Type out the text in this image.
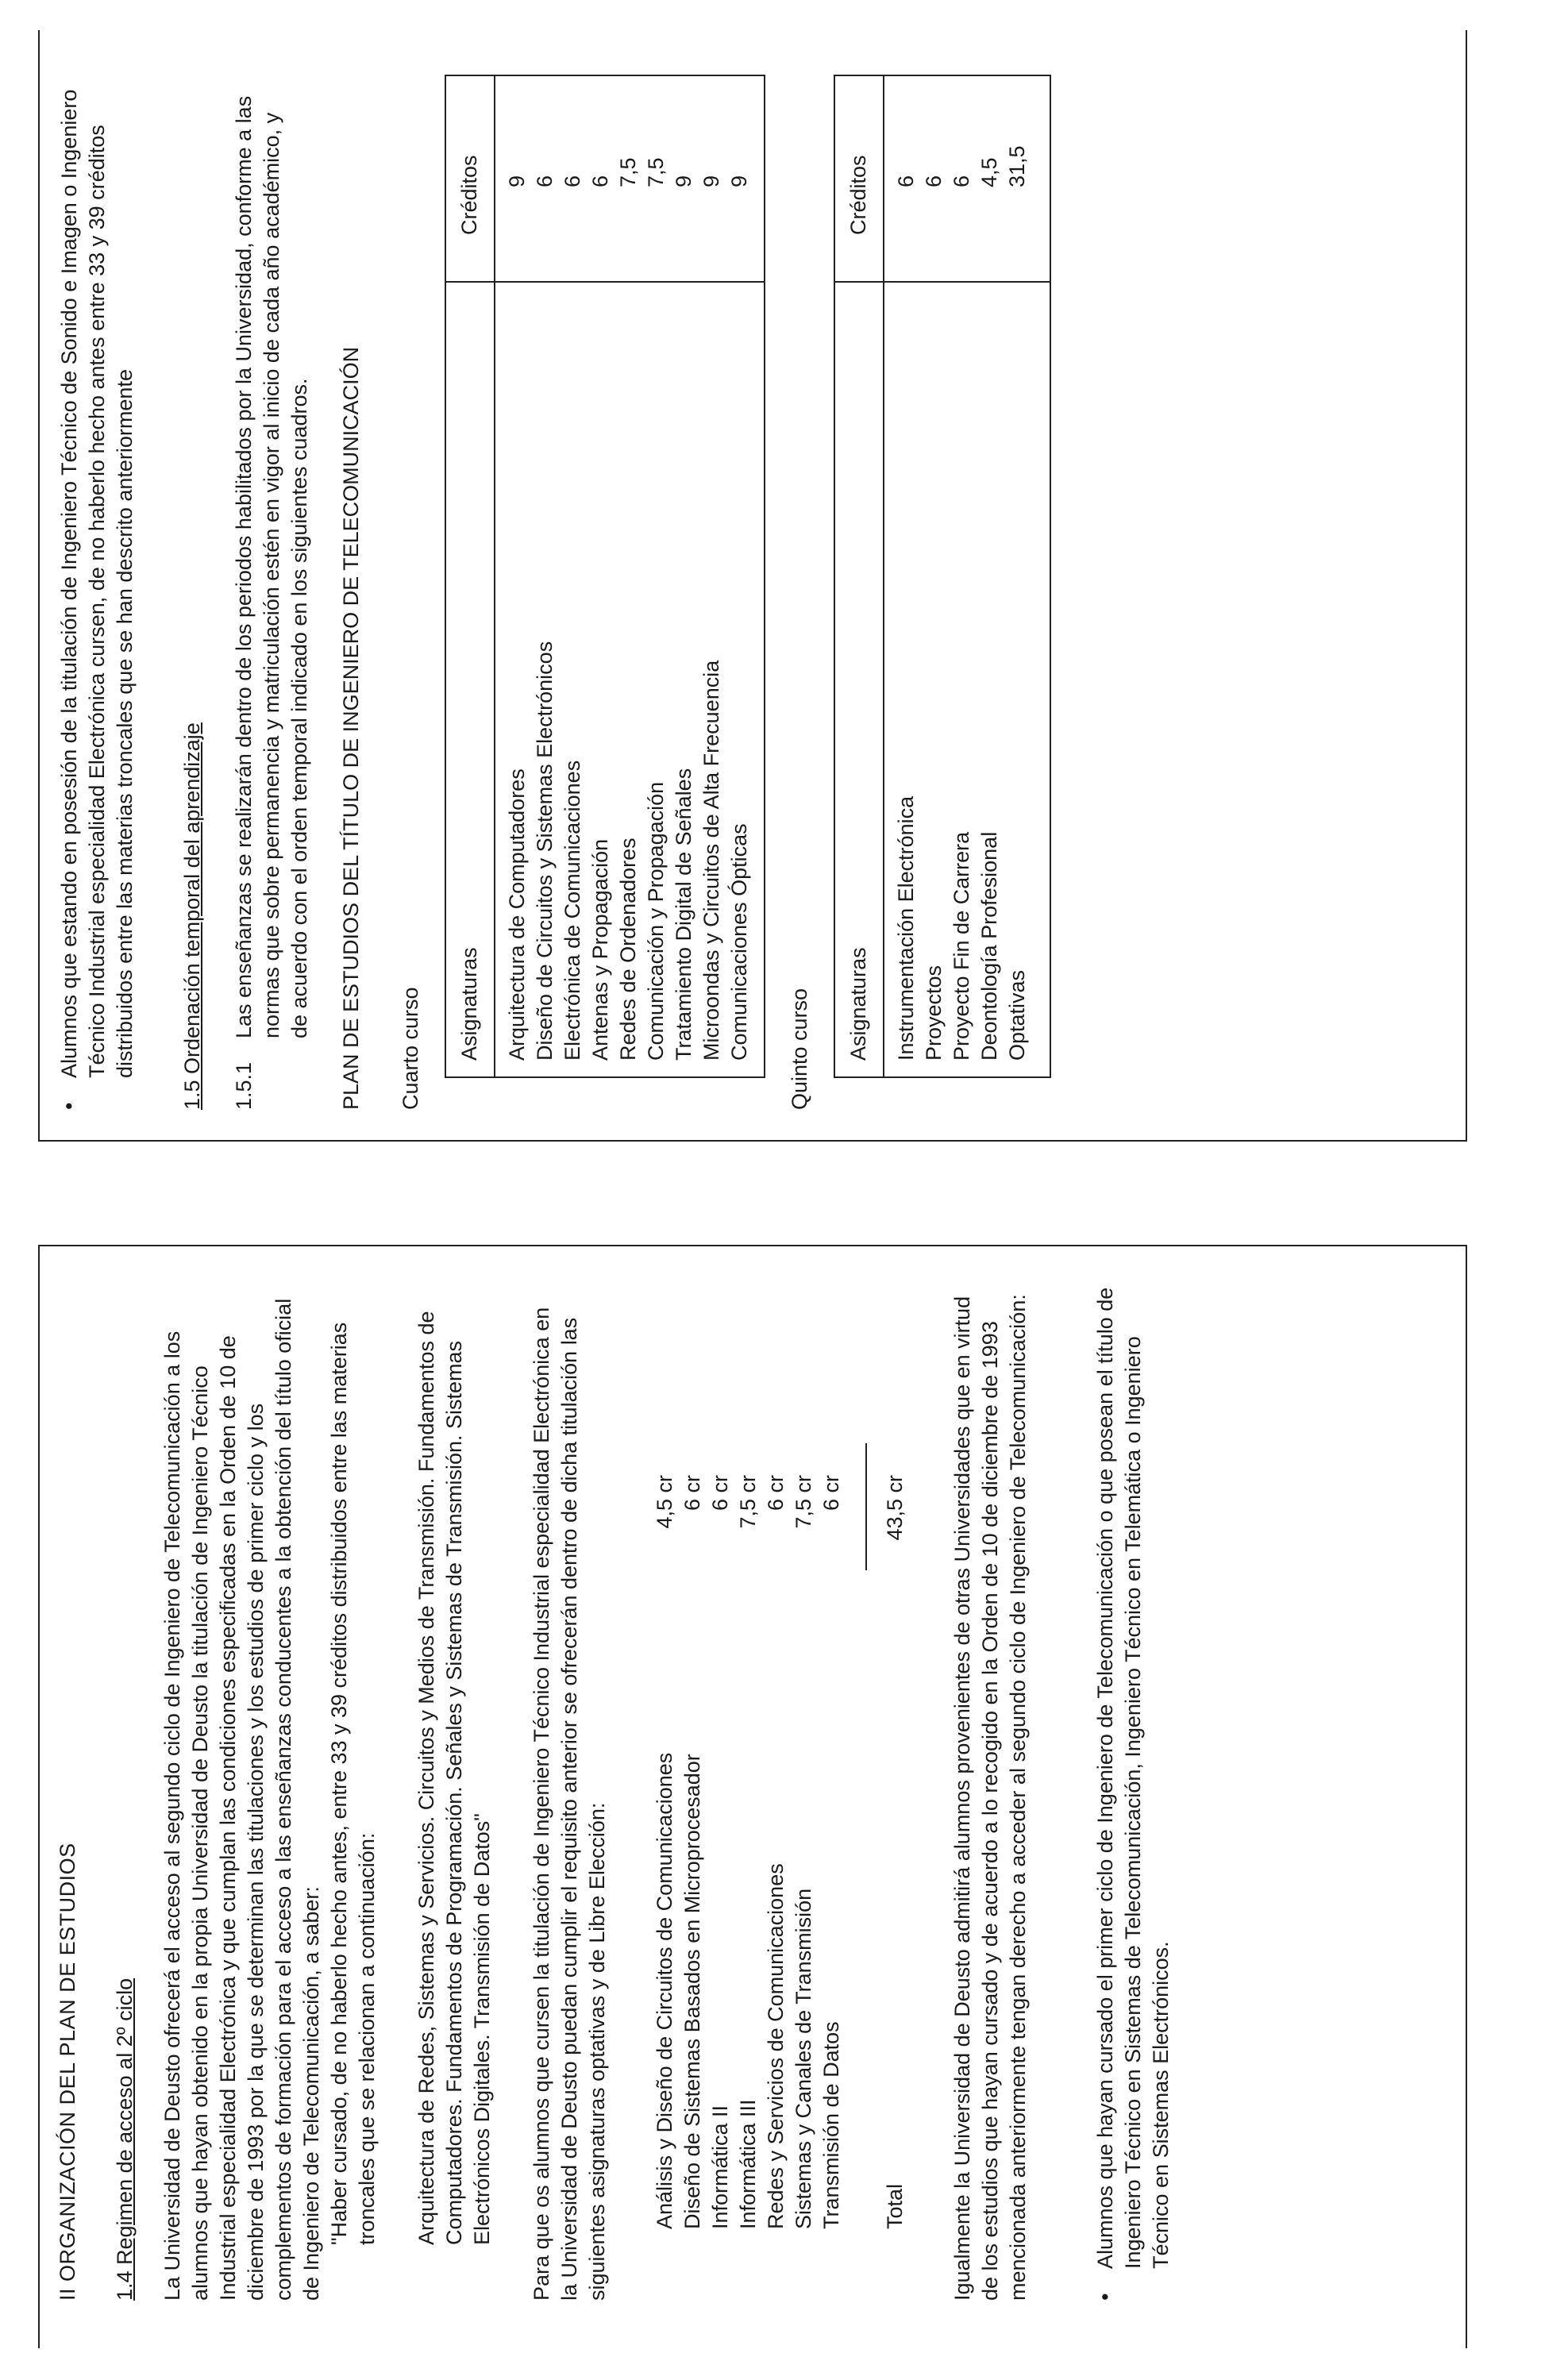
II ORGANIZACIÓN DEL PLAN DE ESTUDIOS 1.4 Regimen de acceso al 2º ciclo La Universidad de Deusto ofrecerá el acceso al segundo ciclo de Ingeniero de Telecomunicación a los alumnos que hayan obtenido en la propia Universidad de Deusto la titulación de Ingeniero Técnico Industrial especialidad Electrónica y que cumplan las condiciones especificadas en la Orden de 10 de diciembre de 1993 por la que se determinan las titulaciones y los estudios de primer ciclo y los complementos de formación para el acceso a las enseñanzas conducentes a la obtención del título oficial de Ingeniero de Telecomunicación, a saber: "Haber cursado, de no haberlo hecho antes, entre 33 y 39 créditos distribuidos entre las materias troncales que se relacionan a continuación: Arquitectura de Redes, Sistemas y Servicios. Circuitos y Medios de Transmisión. Fundamentos de Computadores. Fundamentos de Programación. Señales y Sistemas de Transmisión. Sistemas Electrónicos Digitales. Transmisión de Datos" Para que os alumnos que cursen la titulación de Ingeniero Técnico Industrial especialidad Electrónica en la Universidad de Deusto puedan cumplir el requisito anterior se ofrecerán dentro de dicha titulación las siguientes asignaturas optativas y de Libre Elección: Análisis y Diseño de Circuitos de Comunicaciones
4,5 cr
Diseño de Sistemas Basados en Microprocesador
6 cr
Informática II
6 cr
Informática III
7,5 cr
Redes y Servicios de Comunicaciones
6 cr
Sistemas y Canales de Transmisión
7,5 cr
Transmisión de Datos
6 cr
Total
43,5 cr Igualmente la Universidad de Deusto admitirá alumnos provenientes de otras Universidades que en virtud de los estudios que hayan cursado y de acuerdo a lo recogido en la Orden de 10 de diciembre de 1993 mencionada anteriormente tengan derecho a acceder al segundo ciclo de Ingeniero de Telecomunicación:	•

Alumnos que hayan cursado el primer ciclo de Ingeniero de Telecomunicación o que posean el título de Ingeniero Técnico en Sistemas de Telecomunicación, Ingeniero Técnico en Telemática o Ingeniero Técnico en Sistemas Electrónicos.

•

Alumnos que estando en posesión de la titulación de Ingeniero Técnico de Sonido e Imagen o Ingeniero Técnico Industrial especialidad Electrónica cursen, de no haberlo hecho antes entre 33 y 39 créditos distribuidos entre las materias troncales que se han descrito anteriormente 1.5 Ordenación temporal del aprendizaje 1.5.1

Las enseñanzas se realizarán dentro de los periodos habilitados por la Universidad, conforme a las normas que sobre permanencia y matriculación estén en vigor al inicio de cada año académico, y de acuerdo con el orden temporal indicado en los siguientes cuadros. PLAN DE ESTUDIOS DEL TÍTULO DE INGENIERO DE TELECOMUNICACIÓN Cuarto curso Asignaturas
Créditos
Arquitectura de Computadores
9
Diseño de Circuitos y Sistemas Electrónicos
6
Electrónica de Comunicaciones
6
Antenas y Propagación
6
Redes de Ordenadores
7,5
Comunicación y Propagación
7,5
Tratamiento Digital de Señales
9
Microondas y Circuitos de Alta Frecuencia
9
Comunicaciones Ópticas
9
Quinto curso Asignaturas
Créditos
Instrumentación Electrónica
6
Proyectos
6
Proyecto Fin de Carrera
6
Deontología Profesional
4,5
Optativas
31,5
